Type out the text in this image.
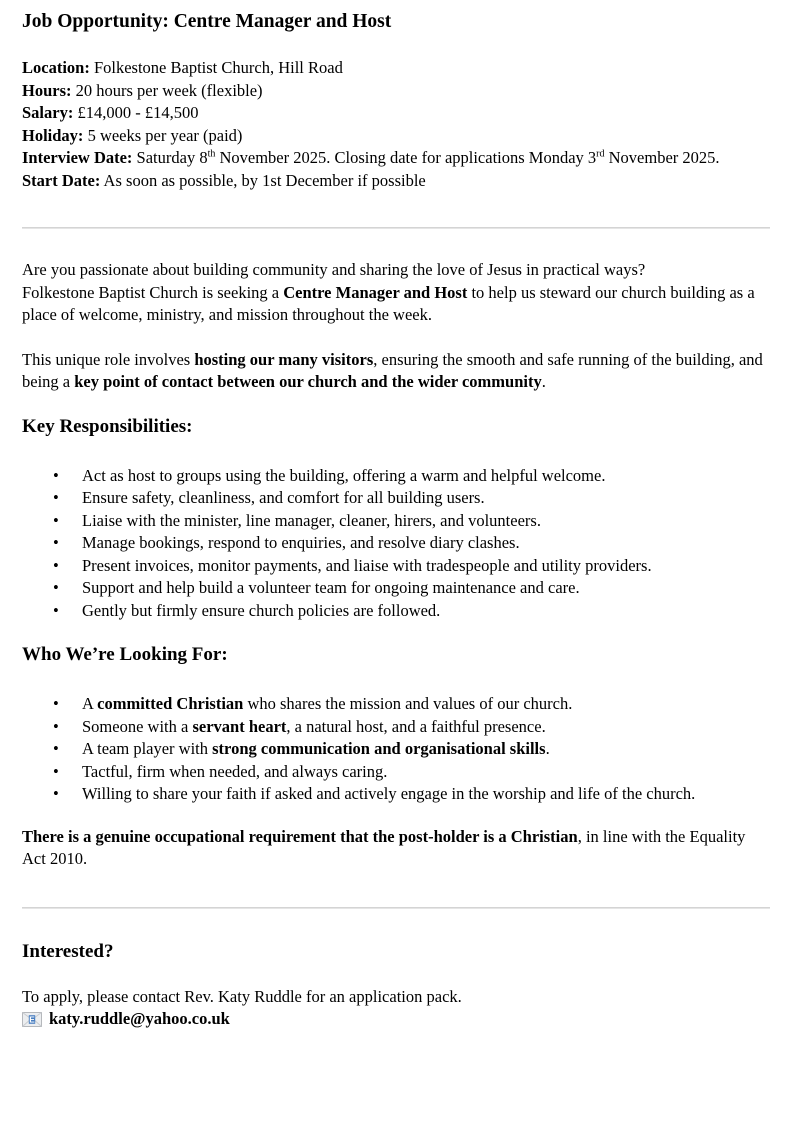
Job Opportunity: Centre Manager and Host

Location: Folkestone Baptist Church, Hill Road

Hours: 20 hours per week (flexible)

Salary: £14,000 - £14,500

Holiday: 5 weeks per year (paid)

Interview Date: Saturday 8th November 2025. Closing date for applications Monday 3rd November 2025.

Start Date: As soon as possible, by 1st December if possible

Are you passionate about building community and sharing the love of Jesus in practical ways?

Folkestone Baptist Church is seeking a Centre Manager and Host to help us steward our church building as a place of welcome, ministry, and mission throughout the week.

This unique role involves hosting our many visitors, ensuring the smooth and safe running of the building, and being a key point of contact between our church and the wider community.

Key Responsibilities:
• Act as host to groups using the building, offering a warm and helpful welcome.
• Ensure safety, cleanliness, and comfort for all building users.
• Liaise with the minister, line manager, cleaner, hirers, and volunteers.
• Manage bookings, respond to enquiries, and resolve diary clashes.
• Present invoices, monitor payments, and liaise with tradespeople and utility providers.
• Support and help build a volunteer team for ongoing maintenance and care.
• Gently but firmly ensure church policies are followed.
Who We’re Looking For:
• A committed Christian who shares the mission and values of our church.
• Someone with a servant heart, a natural host, and a faithful presence.
• A team player with strong communication and organisational skills.
• Tactful, firm when needed, and always caring.
• Willing to share your faith if asked and actively engage in the worship and life of the church.

There is a genuine occupational requirement that the post-holder is a Christian, in line with the Equality Act 2010.

Interested?

To apply, please contact Rev. Katy Ruddle for an application pack.

E katy.ruddle@yahoo.co.uk
